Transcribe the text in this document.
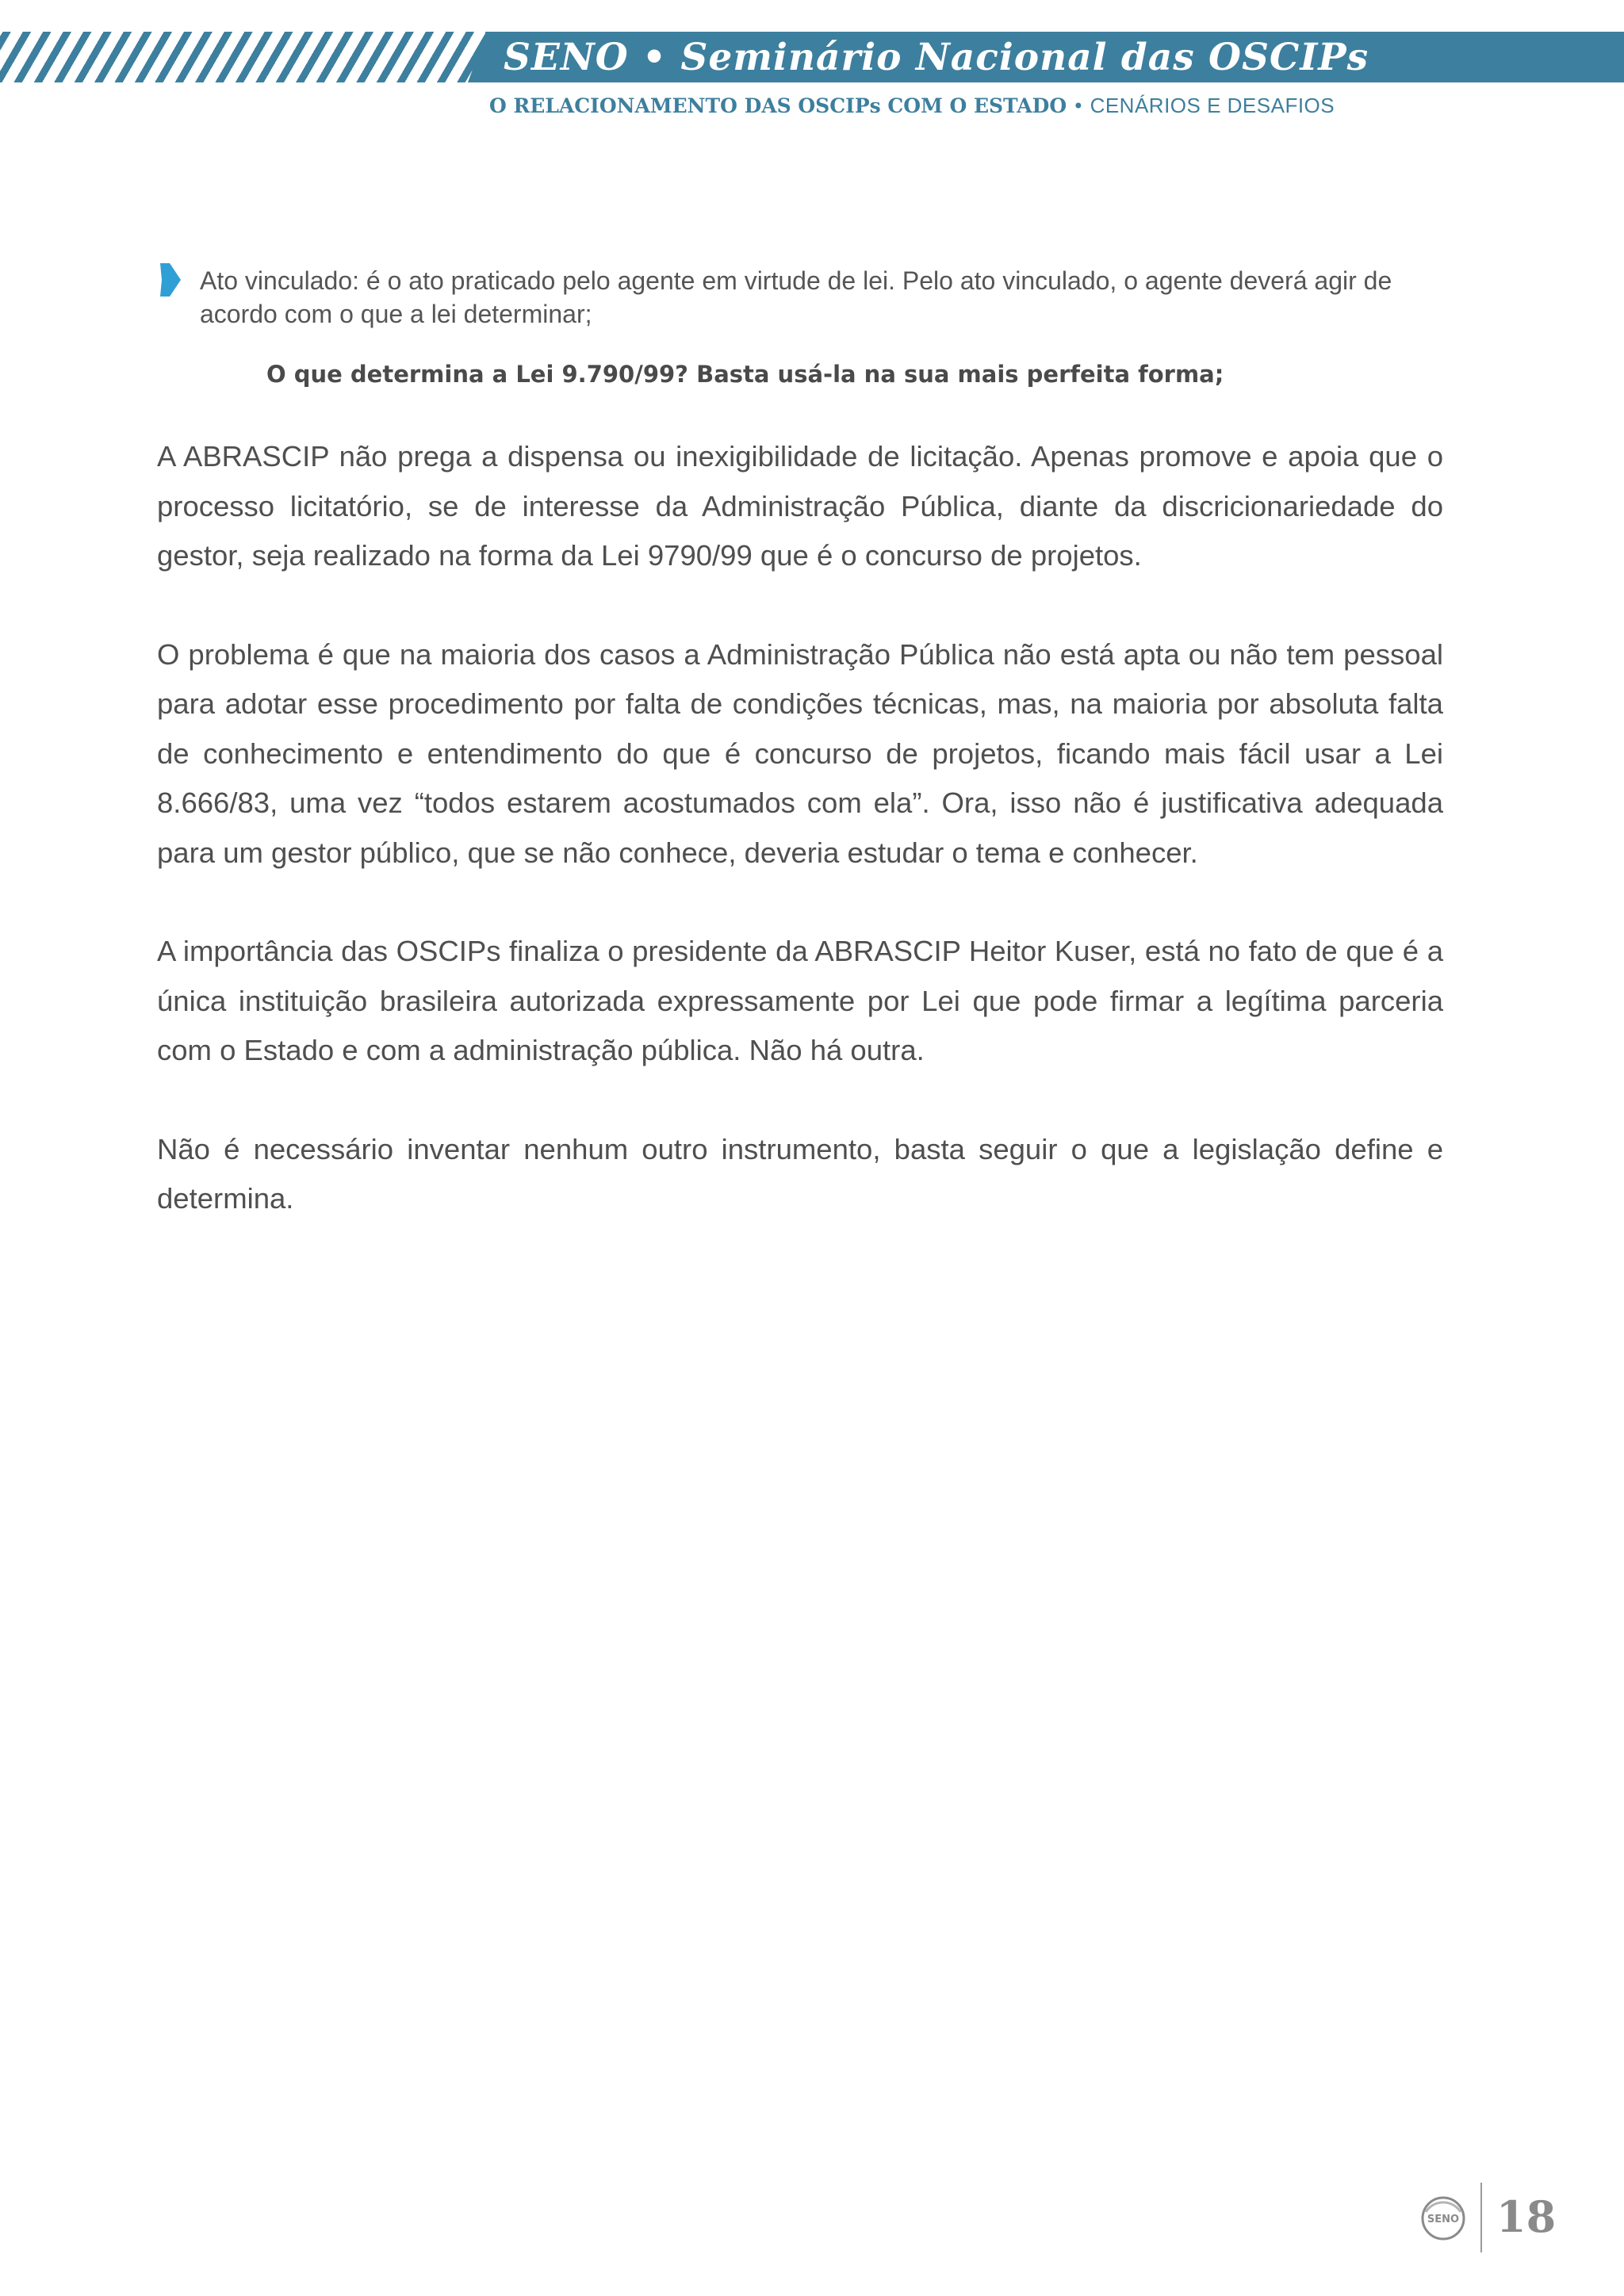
SENO • Seminário Nacional das OSCIPs
O RELACIONAMENTO DAS OSCIPs COM O ESTADO • CENÁRIOS E DESAFIOS

Ato vinculado: é o ato praticado pelo agente em virtude de lei. Pelo ato vinculado, o agente deverá agir de acordo com o que a lei determinar;

O que determina a Lei 9.790/99? Basta usá-la na sua mais perfeita forma;

A ABRASCIP não prega a dispensa ou inexigibilidade de licitação. Apenas promove e apoia que o processo licitatório, se de interesse da Administração Pública, diante da discricionariedade do gestor, seja realizado na forma da Lei 9790/99 que é o concurso de projetos.

O problema é que na maioria dos casos a Administração Pública não está apta ou não tem pessoal para adotar esse procedimento por falta de condições técnicas, mas, na maioria por absoluta falta de conhecimento e entendimento do que é concurso de projetos, ficando mais fácil usar a Lei 8.666/83, uma vez “todos estarem acostumados com ela”. Ora, isso não é justificativa adequada para um gestor público, que se não conhece, deveria estudar o tema e conhecer.

A importância das OSCIPs finaliza o presidente da ABRASCIP Heitor Kuser, está no fato de que é a única instituição brasileira autorizada expressamente por Lei que pode firmar a legítima parceria com o Estado e com a administração pública. Não há outra.

Não é necessário inventar nenhum outro instrumento, basta seguir o que a legislação define e determina.

SENO 18
